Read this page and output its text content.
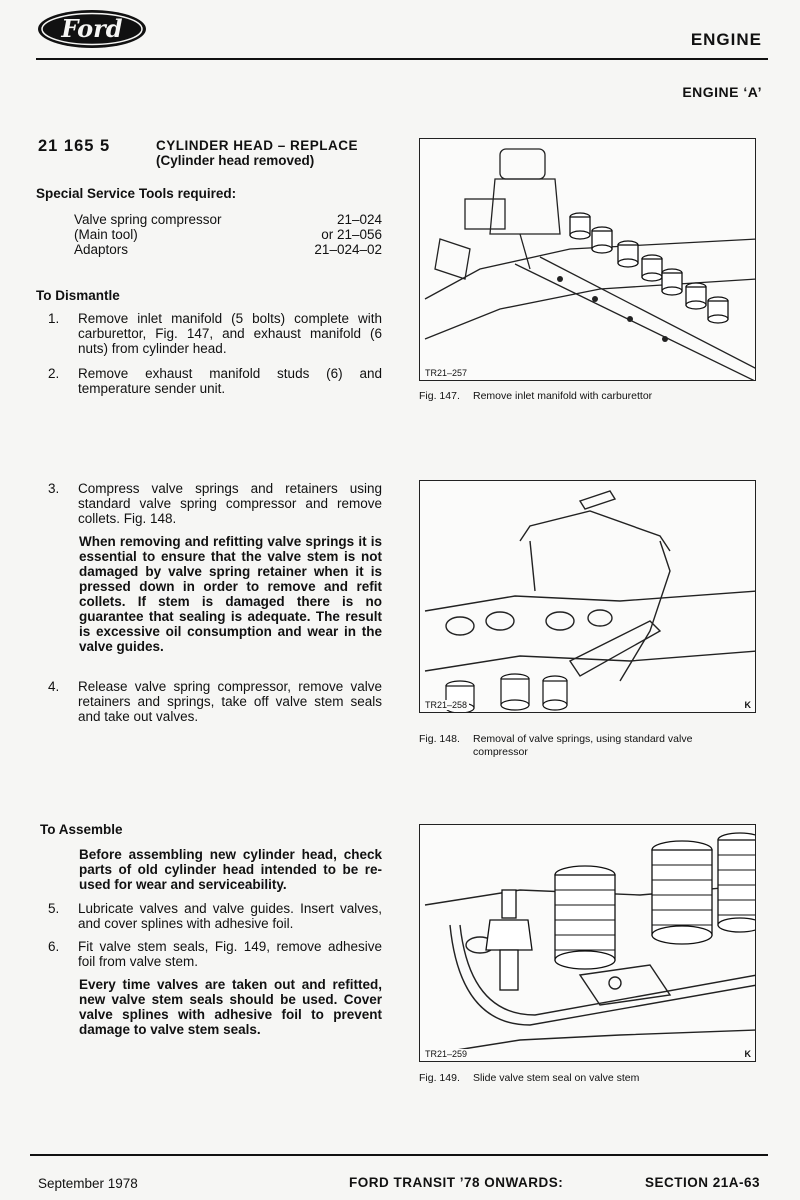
Ford	ENGINE
ENGINE ‘A’
21 165 5	CYLINDER HEAD – REPLACE
(Cylinder head removed)
Special Service Tools required:
Valve spring compressor	21–024
(Main tool)	or 21–056
Adaptors	21–024–02
To Dismantle
1. Remove inlet manifold (5 bolts) complete with carburettor, Fig. 147, and exhaust manifold (6 nuts) from cylinder head.
2. Remove exhaust manifold studs (6) and temperature sender unit.
3. Compress valve springs and retainers using standard valve spring compressor and remove collets. Fig. 148.
When removing and refitting valve springs it is essential to ensure that the valve stem is not damaged by valve spring retainer when it is pressed down in order to remove and refit collets. If stem is damaged there is no guarantee that sealing is adequate. The result is excessive oil consumption and wear in the valve guides.
4. Release valve spring compressor, remove valve retainers and springs, take off valve stem seals and take out valves.
To Assemble
Before assembling new cylinder head, check parts of old cylinder head intended to be re-used for wear and serviceability.
5. Lubricate valves and valve guides. Insert valves, and cover splines with adhesive foil.
6. Fit valve stem seals, Fig. 149, remove adhesive foil from valve stem.
Every time valves are taken out and refitted, new valve stem seals should be used. Cover valve splines with adhesive foil to prevent damage to valve stem seals.
TR21–257
Fig. 147. Remove inlet manifold with carburettor
TR21–258	K
Fig. 148. Removal of valve springs, using standard valve
compressor
TR21–259	K
Fig. 149. Slide valve stem seal on valve stem
September 1978	FORD TRANSIT ’78 ONWARDS:	SECTION 21A-63
